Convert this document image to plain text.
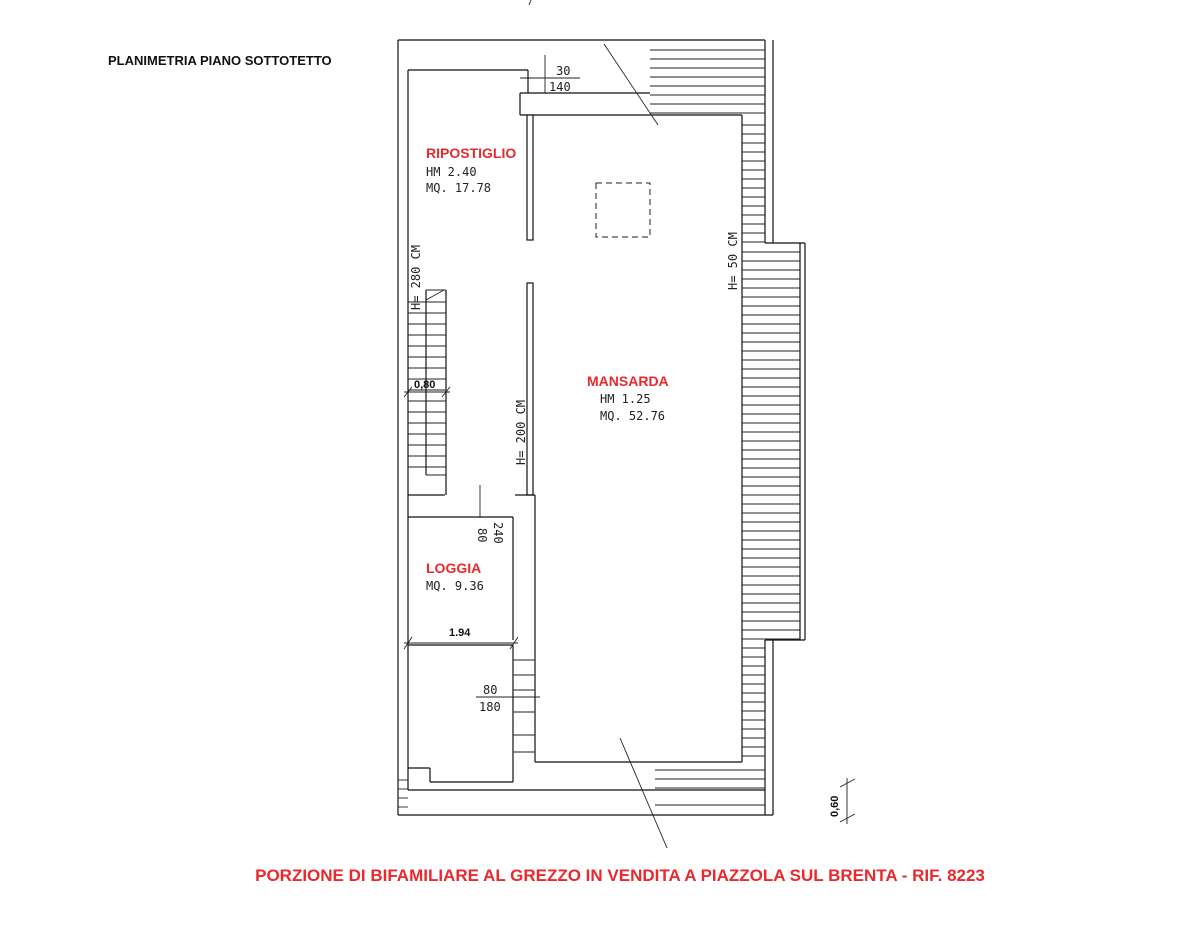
PLANIMETRIA PIANO SOTTOTETTO
RIPOSTIGLIO
HM 2.40
MQ. 17.78
MANSARDA
HM 1.25
MQ. 52.76
LOGGIA
MQ. 9.36
H= 280 CM
H= 200 CM
H= 50 CM
30
140
240
80
0,80
1.94
80
180
0,60
PORZIONE DI BIFAMILIARE AL GREZZO IN VENDITA A PIAZZOLA SUL BRENTA - RIF. 8223
